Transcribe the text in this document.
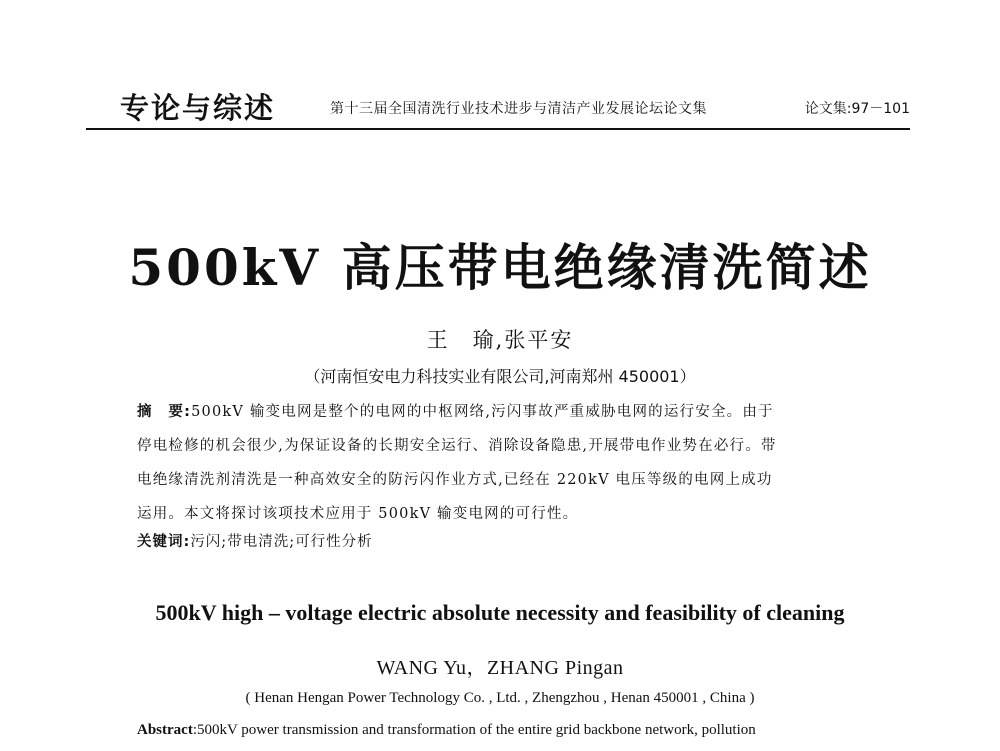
专论与综述	第十三届全国清洗行业技术进步与清洁产业发展论坛论文集	论文集:97－101
500kV 高压带电绝缘清洗简述
王　瑜,张平安
（河南恒安电力科技实业有限公司,河南郑州 450001）
摘　要:500kV 输变电网是整个的电网的中枢网络,污闪事故严重威胁电网的运行安全。由于
停电检修的机会很少,为保证设备的长期安全运行、消除设备隐患,开展带电作业势在必行。带
电绝缘清洗剂清洗是一种高效安全的防污闪作业方式,已经在 220kV 电压等级的电网上成功
运用。本文将探讨该项技术应用于 500kV 输变电网的可行性。
关键词:污闪;带电清洗;可行性分析
500kV high – voltage electric absolute necessity and feasibility of cleaning
WANG Yu，ZHANG Pingan
( Henan Hengan Power Technology Co. , Ltd. , Zhengzhou , Henan 450001 , China )
Abstract:500kV power transmission and transformation of the entire grid backbone network, pollution
